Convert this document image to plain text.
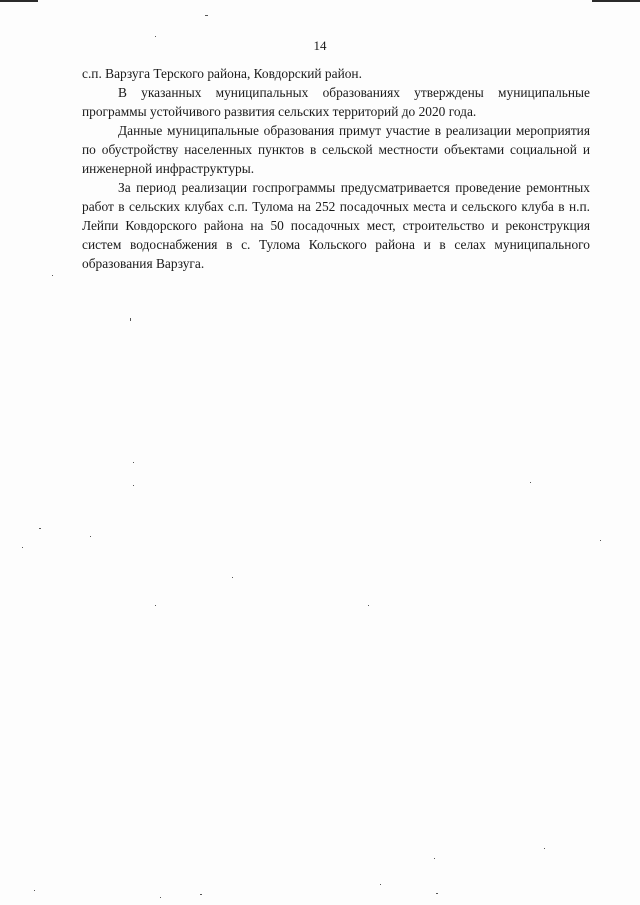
14

с.п. Варзуга Терского района, Ковдорский район.

В указанных муниципальных образованиях утверждены муниципальные программы устойчивого развития сельских территорий до 2020 года.

Данные муниципальные образования примут участие в реализации мероприятия по обустройству населенных пунктов в сельской местности объектами социальной и инженерной инфраструктуры.

За период реализации госпрограммы предусматривается проведение ремонтных работ в сельских клубах с.п. Тулома на 252 посадочных места и сельского клуба в н.п. Лейпи Ковдорского района на 50 посадочных мест, строительство и реконструкция систем водоснабжения в с. Тулома Кольского района и в селах муниципального образования Варзуга.
